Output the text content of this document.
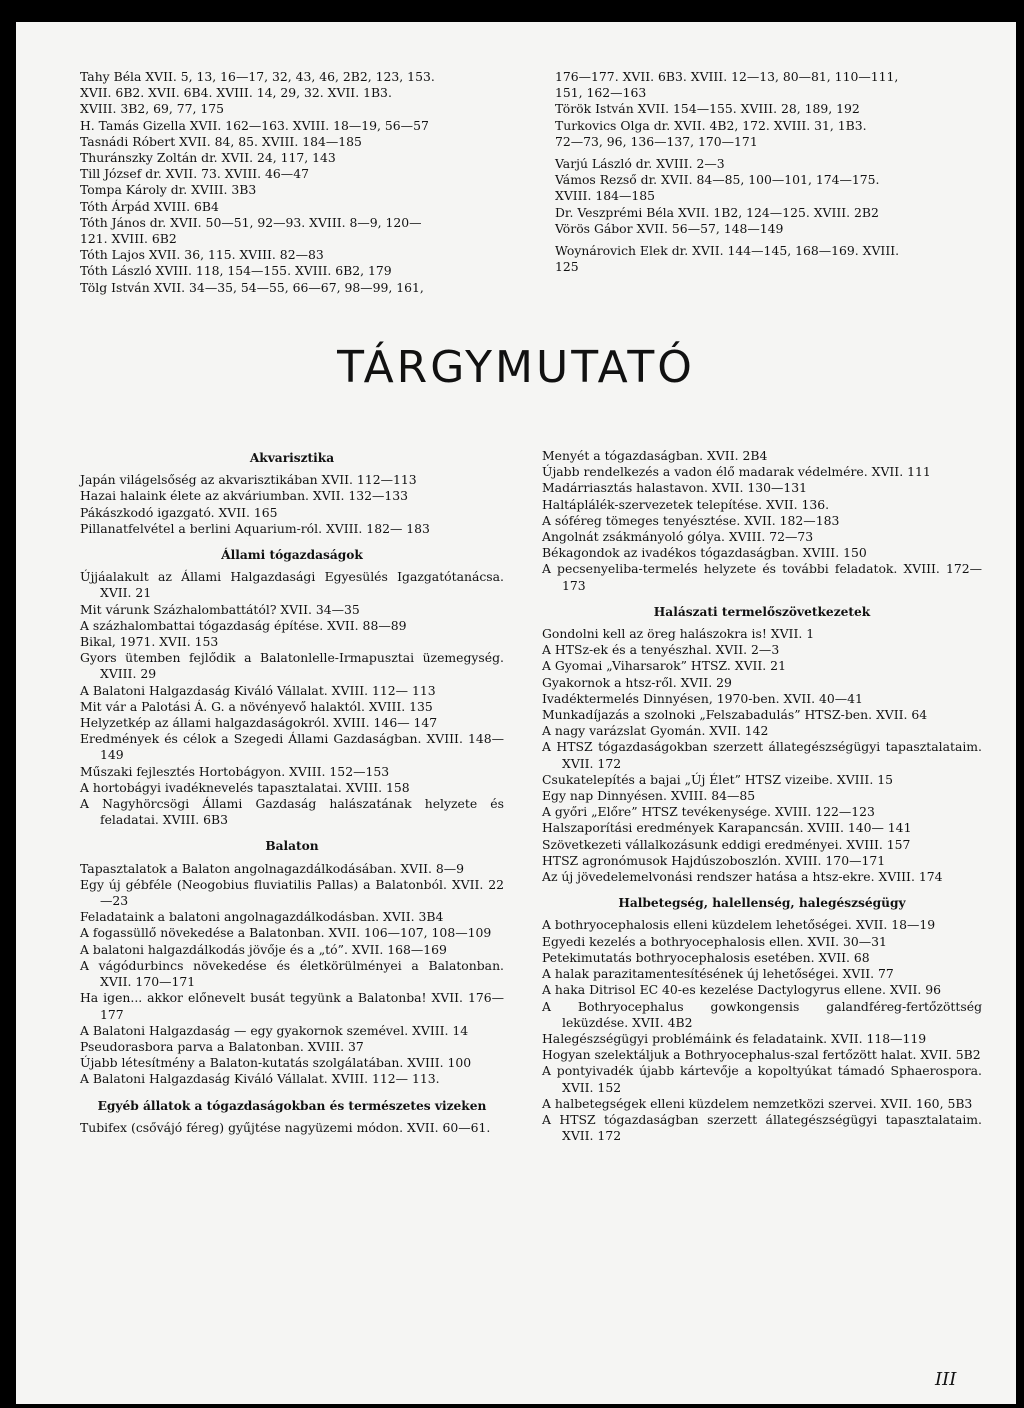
Tahy Béla XVII. 5, 13, 16—17, 32, 43, 46, 2B2, 123, 153.
XVII. 6B2. XVII. 6B4. XVIII. 14, 29, 32. XVII. 1B3.
XVIII. 3B2, 69, 77, 175
H. Tamás Gizella XVII. 162—163. XVIII. 18—19, 56—57
Tasnádi Róbert XVII. 84, 85. XVIII. 184—185
Thuránszky Zoltán dr. XVII. 24, 117, 143
Till József dr. XVII. 73. XVIII. 46—47
Tompa Károly dr. XVIII. 3B3
Tóth Árpád XVIII. 6B4
Tóth János dr. XVII. 50—51, 92—93. XVIII. 8—9, 120—
121. XVIII. 6B2
Tóth Lajos XVII. 36, 115. XVIII. 82—83
Tóth László XVIII. 118, 154—155. XVIII. 6B2, 179
Tölg István XVII. 34—35, 54—55, 66—67, 98—99, 161,
176—177. XVII. 6B3. XVIII. 12—13, 80—81, 110—111,
151, 162—163
Török István XVII. 154—155. XVIII. 28, 189, 192
Turkovics Olga dr. XVII. 4B2, 172. XVIII. 31, 1B3.
72—73, 96, 136—137, 170—171
Varjú László dr. XVIII. 2—3
Vámos Rezső dr. XVII. 84—85, 100—101, 174—175.
XVIII. 184—185
Dr. Veszprémi Béla XVII. 1B2, 124—125. XVIII. 2B2
Vörös Gábor XVII. 56—57, 148—149
Woynárovich Elek dr. XVII. 144—145, 168—169. XVIII.
125
TÁRGYMUTATÓ
Akvarisztika
Japán világelsőség az akvarisztikában XVII. 112—113
Hazai halaink élete az akváriumban. XVII. 132—133
Pákászkodó igazgató. XVII. 165
Pillanatfelvétel a berlini Aquarium-ról. XVIII. 182— 183
Állami tógazdaságok
Újjáalakult az Állami Halgazdasági Egyesülés Igazgatótanácsa. XVII. 21
Mit várunk Százhalombattától? XVII. 34—35
A százhalombattai tógazdaság építése. XVII. 88—89
Bikal, 1971. XVII. 153
Gyors ütemben fejlődik a Balatonlelle-Irmapusztai üzemegység. XVIII. 29
A Balatoni Halgazdaság Kiváló Vállalat. XVIII. 112— 113
Mit vár a Palotási Á. G. a növényevő halaktól. XVIII. 135
Helyzetkép az állami halgazdaságokról. XVIII. 146— 147
Eredmények és célok a Szegedi Állami Gazdaságban. XVIII. 148—149
Műszaki fejlesztés Hortobágyon. XVIII. 152—153
A hortobágyi ivadéknevelés tapasztalatai. XVIII. 158
A Nagyhörcsögi Állami Gazdaság halászatának helyzete és feladatai. XVIII. 6B3
Balaton
Tapasztalatok a Balaton angolnagazdálkodásában. XVII. 8—9
Egy új gébféle (Neogobius fluviatilis Pallas) a Balatonból. XVII. 22—23
Feladataink a balatoni angolnagazdálkodásban. XVII. 3B4
A fogassüllő növekedése a Balatonban. XVII. 106—107, 108—109
A balatoni halgazdálkodás jövője és a „tó”. XVII. 168—169
A vágódurbincs növekedése és életkörülményei a Balatonban. XVII. 170—171
Ha igen... akkor előnevelt busát tegyünk a Balatonba! XVII. 176—177
A Balatoni Halgazdaság — egy gyakornok szemével. XVIII. 14
Pseudorasbora parva a Balatonban. XVIII. 37
Újabb létesítmény a Balaton-kutatás szolgálatában. XVIII. 100
A Balatoni Halgazdaság Kiváló Vállalat. XVIII. 112— 113.
Egyéb állatok a tógazdaságokban és természetes vizeken
Tubifex (csővájó féreg) gyűjtése nagyüzemi módon. XVII. 60—61.
Menyét a tógazdaságban. XVII. 2B4
Újabb rendelkezés a vadon élő madarak védelmére. XVII. 111
Madárriasztás halastavon. XVII. 130—131
Haltáplálék-szervezetek telepítése. XVII. 136.
A sóféreg tömeges tenyésztése. XVII. 182—183
Angolnát zsákmányoló gólya. XVIII. 72—73
Békagondok az ivadékos tógazdaságban. XVIII. 150
A pecsenyeliba-termelés helyzete és további feladatok. XVIII. 172—173
Halászati termelőszövetkezetek
Gondolni kell az öreg halászokra is! XVII. 1
A HTSz-ek és a tenyészhal. XVII. 2—3
A Gyomai „Viharsarok” HTSZ. XVII. 21
Gyakornok a htsz-ről. XVII. 29
Ivadéktermelés Dinnyésen, 1970-ben. XVII. 40—41
Munkadíjazás a szolnoki „Felszabadulás” HTSZ-ben. XVII. 64
A nagy varázslat Gyomán. XVII. 142
A HTSZ tógazdaságokban szerzett állategészségügyi tapasztalataim. XVII. 172
Csukatelepítés a bajai „Új Élet” HTSZ vizeibe. XVIII. 15
Egy nap Dinnyésen. XVIII. 84—85
A győri „Előre” HTSZ tevékenysége. XVIII. 122—123
Halszaporítási eredmények Karapancsán. XVIII. 140— 141
Szövetkezeti vállalkozásunk eddigi eredményei. XVIII. 157
HTSZ agronómusok Hajdúszoboszlón. XVIII. 170—171
Az új jövedelemelvonási rendszer hatása a htsz-ekre. XVIII. 174
Halbetegség, halellenség, halegészségügy
A bothryocephalosis elleni küzdelem lehetőségei. XVII. 18—19
Egyedi kezelés a bothryocephalosis ellen. XVII. 30—31
Petekimutatás bothryocephalosis esetében. XVII. 68
A halak parazitamentesítésének új lehetőségei. XVII. 77
A haka Ditrisol EC 40-es kezelése Dactylogyrus ellene. XVII. 96
A Bothryocephalus gowkongensis galandféreg-fertőzöttség leküzdése. XVII. 4B2
Halegészségügyi problémáink és feladataink. XVII. 118—119
Hogyan szelektáljuk a Bothryocephalus-szal fertőzött halat. XVII. 5B2
A pontyivadék újabb kártevője a kopoltyúkat támadó Sphaerospora. XVII. 152
A halbetegségek elleni küzdelem nemzetközi szervei. XVII. 160, 5B3
A HTSZ tógazdaságban szerzett állategészségügyi tapasztalataim. XVII. 172
III
